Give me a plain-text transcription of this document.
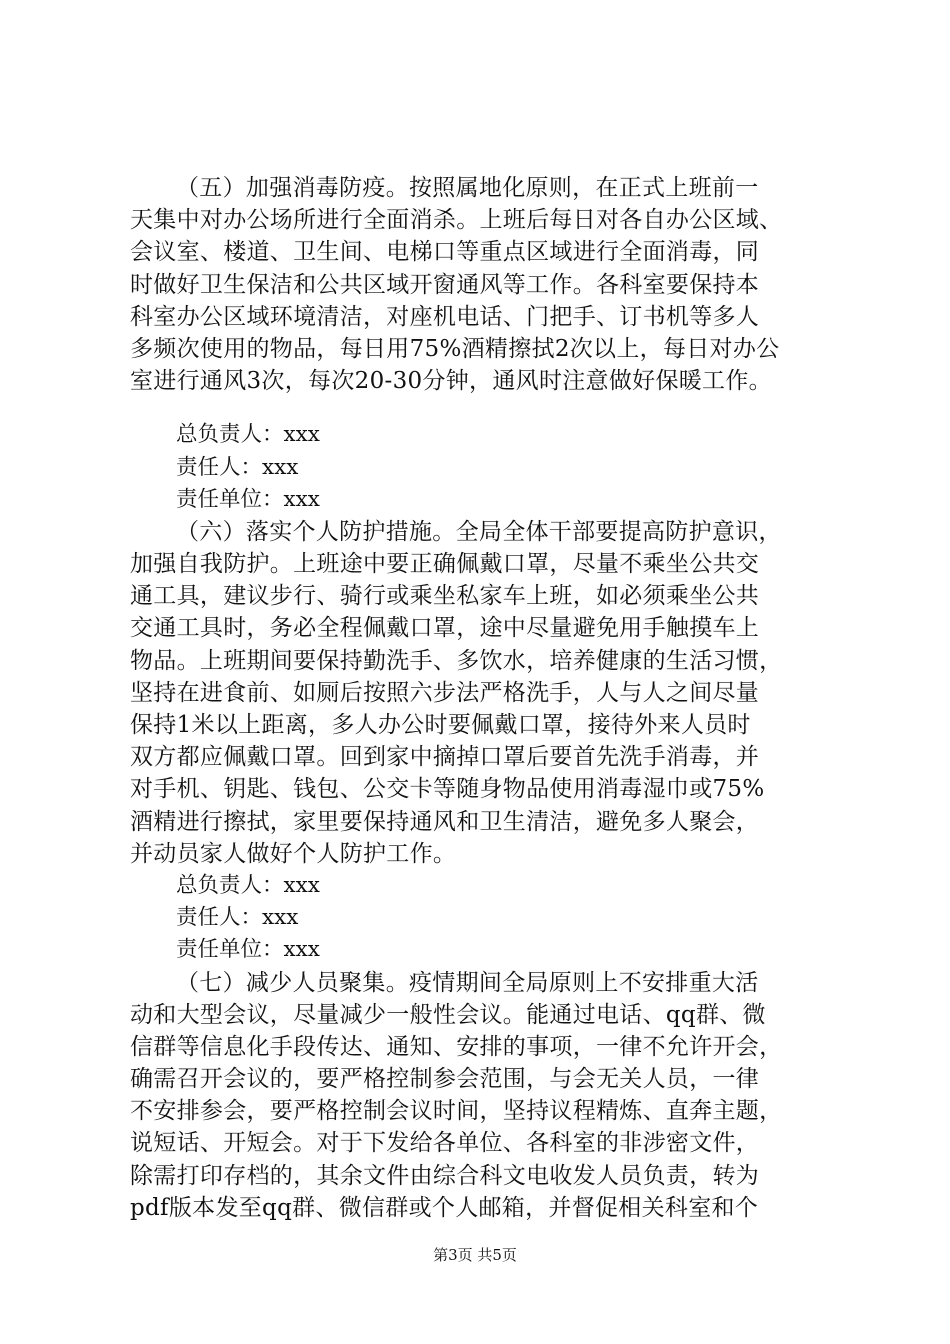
（五）加强消毒防疫。按照属地化原则，在正式上班前一
天集中对办公场所进行全面消杀。上班后每日对各自办公区域、
会议室、楼道、卫生间、电梯口等重点区域进行全面消毒，同
时做好卫生保洁和公共区域开窗通风等工作。各科室要保持本
科室办公区域环境清洁，对座机电话、门把手、订书机等多人
多频次使用的物品，每日用75%酒精擦拭2次以上，每日对办公
室进行通风3次，每次20-30分钟，通风时注意做好保暖工作。
总负责人：xxx
责任人：xxx
责任单位：xxx
（六）落实个人防护措施。全局全体干部要提高防护意识，
加强自我防护。上班途中要正确佩戴口罩，尽量不乘坐公共交
通工具，建议步行、骑行或乘坐私家车上班，如必须乘坐公共
交通工具时，务必全程佩戴口罩，途中尽量避免用手触摸车上
物品。上班期间要保持勤洗手、多饮水，培养健康的生活习惯，
坚持在进食前、如厕后按照六步法严格洗手，人与人之间尽量
保持1米以上距离，多人办公时要佩戴口罩，接待外来人员时
双方都应佩戴口罩。回到家中摘掉口罩后要首先洗手消毒，并
对手机、钥匙、钱包、公交卡等随身物品使用消毒湿巾或75%
酒精进行擦拭，家里要保持通风和卫生清洁，避免多人聚会，
并动员家人做好个人防护工作。
总负责人：xxx
责任人：xxx
责任单位：xxx
（七）减少人员聚集。疫情期间全局原则上不安排重大活
动和大型会议，尽量减少一般性会议。能通过电话、qq群、微
信群等信息化手段传达、通知、安排的事项，一律不允许开会，
确需召开会议的，要严格控制参会范围，与会无关人员，一律
不安排参会，要严格控制会议时间，坚持议程精炼、直奔主题，
说短话、开短会。对于下发给各单位、各科室的非涉密文件，
除需打印存档的，其余文件由综合科文电收发人员负责，转为
pdf版本发至qq群、微信群或个人邮箱，并督促相关科室和个
第3页 共5页
